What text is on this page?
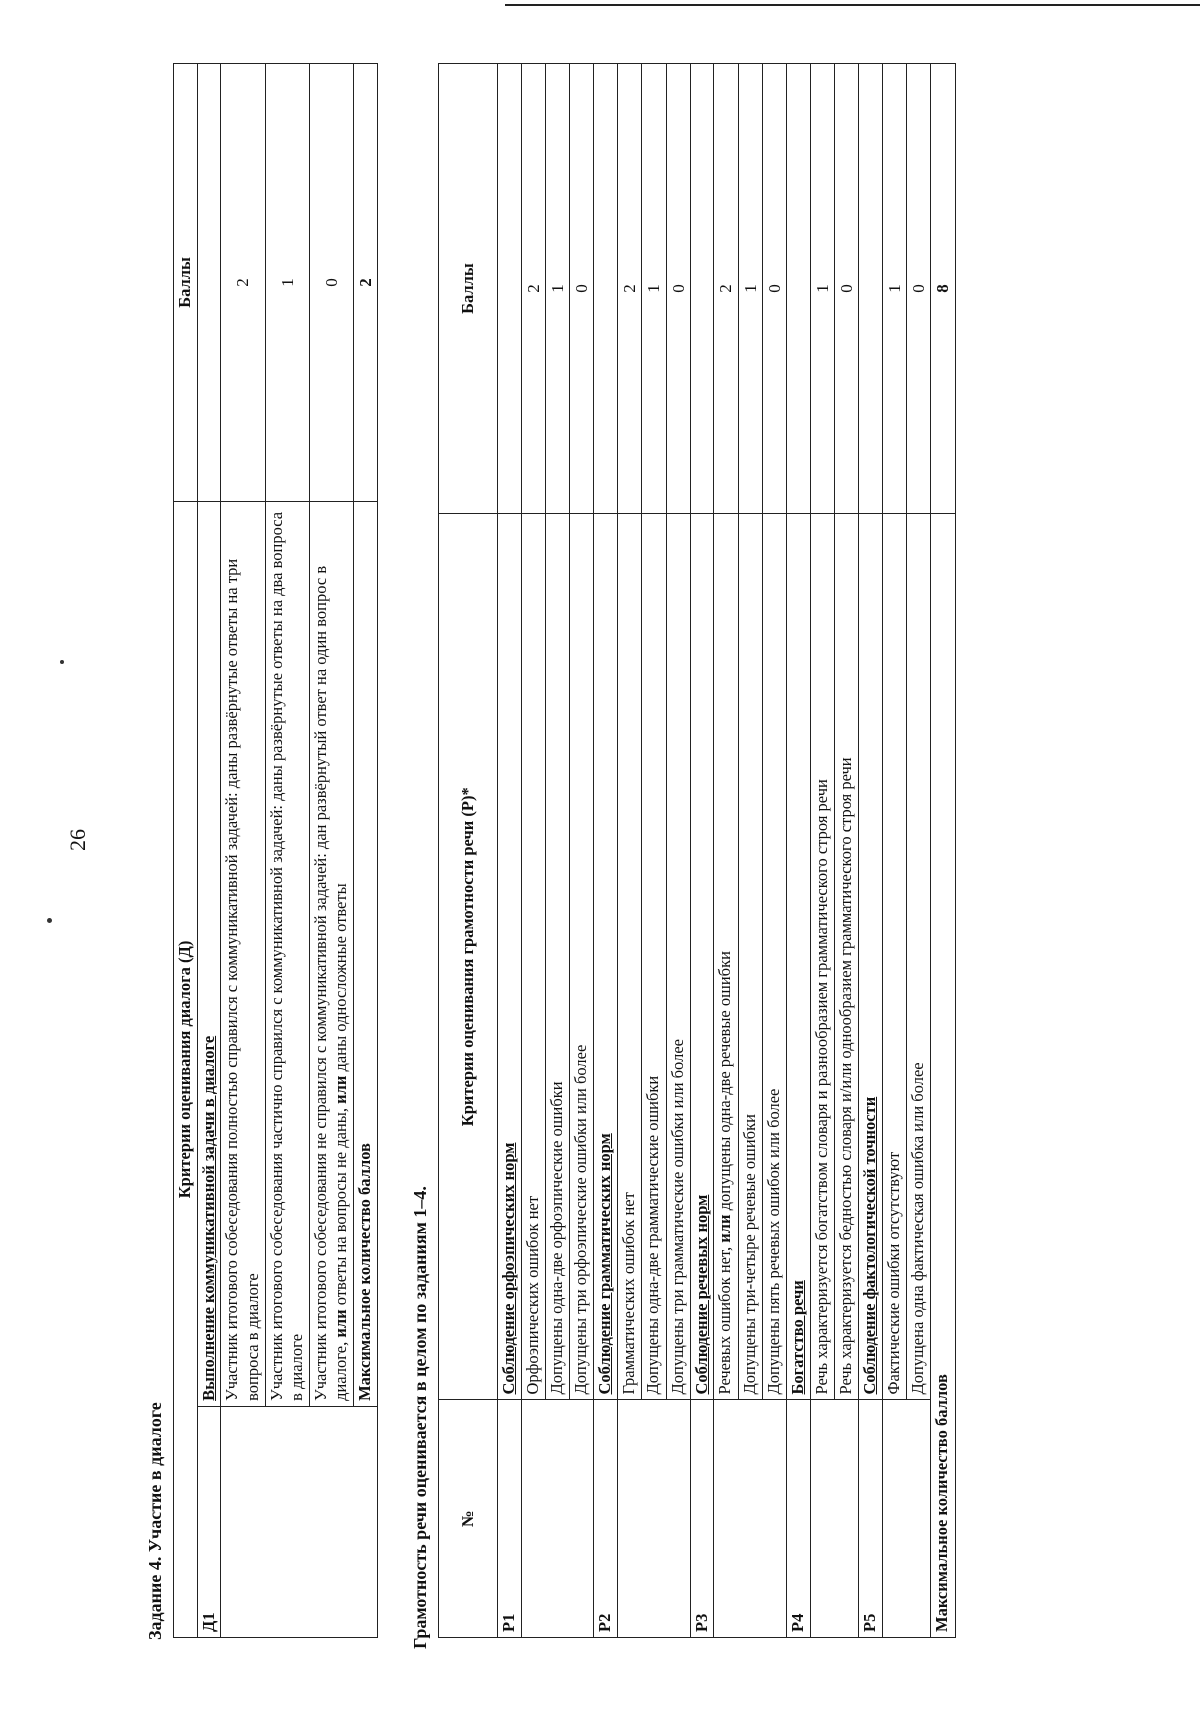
26
Задание 4. Участие в диалоге
Критерии оценивания диалога (Д)		Баллы
Д1	Выполнение коммуникативной задачи в диалоге	
	Участник итогового собеседования полностью справился с коммуникативной задачей: даны развёрнутые ответы на три вопроса в диалоге	2
	Участник итогового собеседования частично справился с коммуникативной задачей: даны развёрнутые ответы на два вопроса в диалоге	1
	Участник итогового собеседования не справился с коммуникативной задачей: дан развёрнутый ответ на один вопрос в диалоге, или ответы на вопросы не даны, или даны односложные ответы	0
	Максимальное количество баллов	2
Грамотность речи оценивается в целом по заданиям 1–4. №	Критерии оценивания грамотности речи (Р)*	Баллы
Р1	Соблюдение орфоэпических норм	
	Орфоэпических ошибок нет	2
	Допущены одна-две орфоэпические ошибки	1
	Допущены три орфоэпические ошибки или более	0
Р2	Соблюдение грамматических норм	
	Грамматических ошибок нет	2
	Допущены одна-две грамматические ошибки	1
	Допущены три грамматические ошибки или более	0
Р3	Соблюдение речевых норм	
	Речевых ошибок нет, или допущены одна-две речевые ошибки	2
	Допущены три-четыре речевые ошибки	1
	Допущены пять речевых ошибок или более	0
Р4	Богатство речи	
	Речь характеризуется богатством словаря и разнообразием грамматического строя речи	1
	Речь характеризуется бедностью словаря и/или однообразием грамматического строя речи	0
Р5	Соблюдение фактологической точности	
	Фактические ошибки отсутствуют	1
	Допущена одна фактическая ошибка или более	0
Максимальное количество баллов		8
